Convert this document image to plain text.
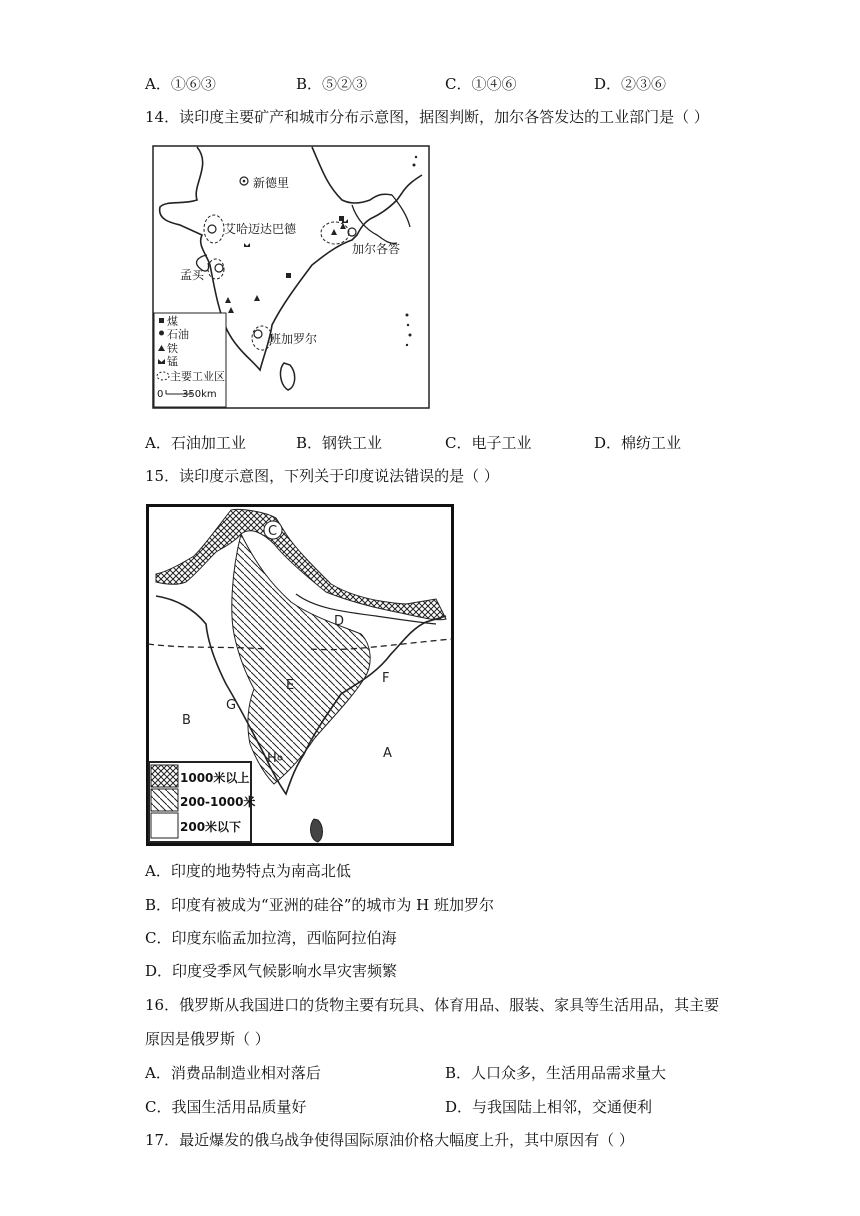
A．①⑥③	B．⑤②③	C．①④⑥	D．②③⑥
14．读印度主要矿产和城市分布示意图，据图判断，加尔各答发达的工业部门是（ ）
新德里
艾哈迈达巴德
加尔各答
孟买
班加罗尔
煤
石油
铁
锰
主要工业区
0 350km
A．石油加工业	B．钢铁工业	C．电子工业	D．棉纺工业
15．读印度示意图，下列关于印度说法错误的是（ ）
A
B
C
D
E	F
G
H
1000米以上
200-1000米
200米以下
A．印度的地势特点为南高北低
B．印度有被成为“亚洲的硅谷”的城市为 H 班加罗尔
C．印度东临孟加拉湾，西临阿拉伯海
D．印度受季风气候影响水旱灾害频繁
16．俄罗斯从我国进口的货物主要有玩具、体育用品、服装、家具等生活用品，其主要
原因是俄罗斯（ ）
A．消费品制造业相对落后	B．人口众多，生活用品需求量大
C．我国生活用品质量好	D．与我国陆上相邻，交通便利
17．最近爆发的俄乌战争使得国际原油价格大幅度上升，其中原因有（ ）
